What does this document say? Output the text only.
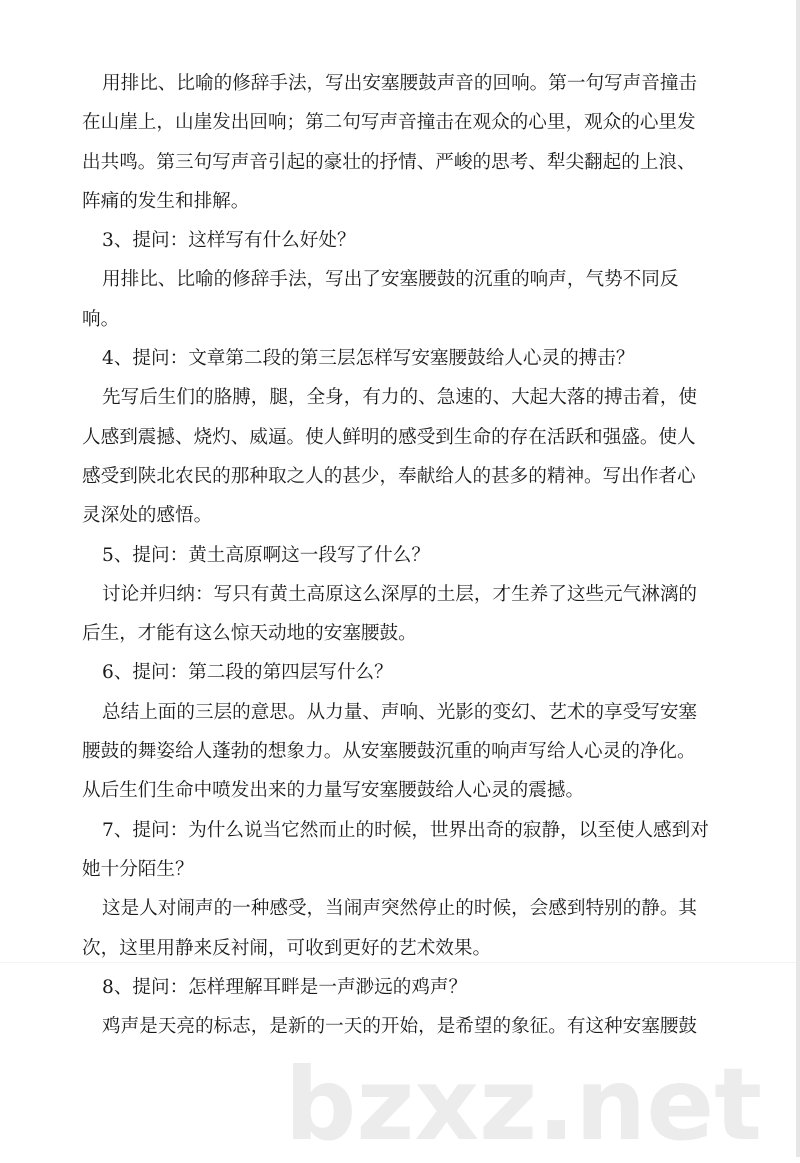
用排比、比喻的修辞手法，写出安塞腰鼓声音的回响。第一句写声音撞击
在山崖上，山崖发出回响；第二句写声音撞击在观众的心里，观众的心里发
出共鸣。第三句写声音引起的豪壮的抒情、严峻的思考、犁尖翻起的上浪、
阵痛的发生和排解。
3、提问：这样写有什么好处？
用排比、比喻的修辞手法，写出了安塞腰鼓的沉重的响声，气势不同反
响。
4、提问：文章第二段的第三层怎样写安塞腰鼓给人心灵的搏击？
先写后生们的胳膊，腿，全身，有力的、急速的、大起大落的搏击着，使
人感到震撼、烧灼、威逼。使人鲜明的感受到生命的存在活跃和强盛。使人
感受到陕北农民的那种取之人的甚少，奉献给人的甚多的精神。写出作者心
灵深处的感悟。
5、提问：黄土高原啊这一段写了什么？
讨论并归纳：写只有黄土高原这么深厚的土层，才生养了这些元气淋漓的
后生，才能有这么惊天动地的安塞腰鼓。
6、提问：第二段的第四层写什么？
总结上面的三层的意思。从力量、声响、光影的变幻、艺术的享受写安塞
腰鼓的舞姿给人蓬勃的想象力。从安塞腰鼓沉重的响声写给人心灵的净化。
从后生们生命中喷发出来的力量写安塞腰鼓给人心灵的震撼。
7、提问：为什么说当它然而止的时候，世界出奇的寂静，以至使人感到对
她十分陌生？
这是人对闹声的一种感受，当闹声突然停止的时候，会感到特别的静。其
次，这里用静来反衬闹，可收到更好的艺术效果。
8、提问：怎样理解耳畔是一声渺远的鸡声？
鸡声是天亮的标志，是新的一天的开始，是希望的象征。有这种安塞腰鼓
bzxz.net
